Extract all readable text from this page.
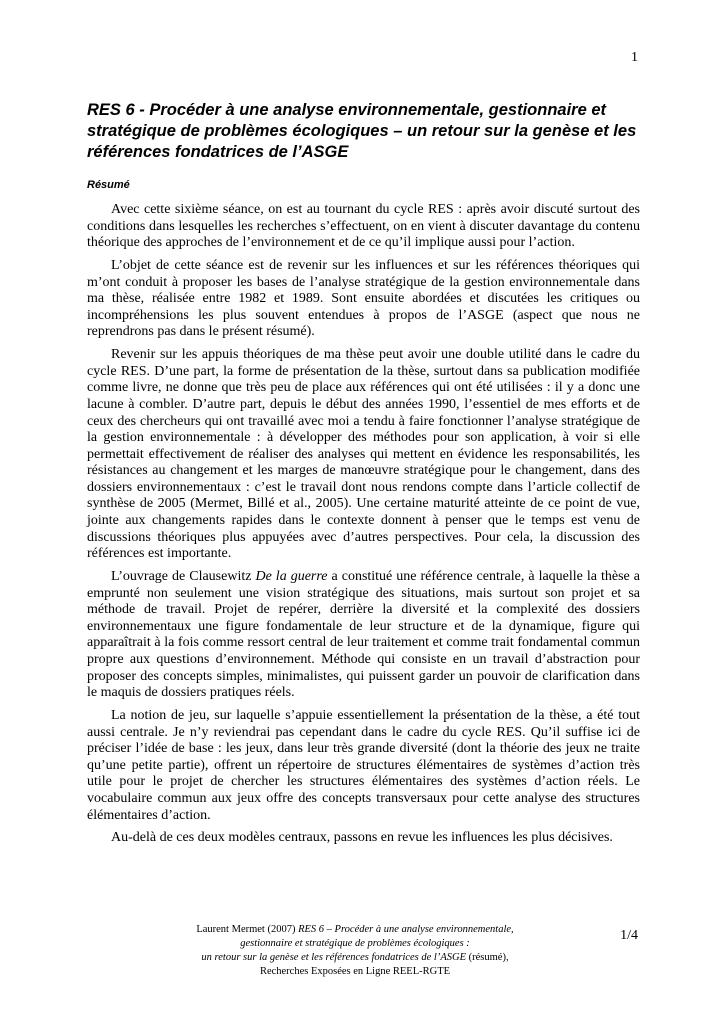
1
RES 6 - Procéder à une analyse environnementale, gestionnaire et stratégique de problèmes écologiques – un retour sur la genèse et les références fondatrices de l’ASGE
Résumé

Avec cette sixième séance, on est au tournant du cycle RES : après avoir discuté surtout des conditions dans lesquelles les recherches s’effectuent, on en vient à discuter davantage du contenu théorique des approches de l’environnement et de ce qu’il implique aussi pour l’action.

L’objet de cette séance est de revenir sur les influences et sur les références théoriques qui m’ont conduit à proposer les bases de l’analyse stratégique de la gestion environnementale dans ma thèse, réalisée entre 1982 et 1989. Sont ensuite abordées et discutées les critiques ou incompréhensions les plus souvent entendues à propos de l’ASGE (aspect que nous ne reprendrons pas dans le présent résumé).

Revenir sur les appuis théoriques de ma thèse peut avoir une double utilité dans le cadre du cycle RES. D’une part, la forme de présentation de la thèse, surtout dans sa publication modifiée comme livre, ne donne que très peu de place aux références qui ont été utilisées : il y a donc une lacune à combler. D’autre part, depuis le début des années 1990, l’essentiel de mes efforts et de ceux des chercheurs qui ont travaillé avec moi a tendu à faire fonctionner l’analyse stratégique de la gestion environnementale : à développer des méthodes pour son application, à voir si elle permettait effectivement de réaliser des analyses qui mettent en évidence les responsabilités, les résistances au changement et les marges de manœuvre stratégique pour le changement, dans des dossiers environnementaux : c’est le travail dont nous rendons compte dans l’article collectif de synthèse de 2005 (Mermet, Billé et al., 2005). Une certaine maturité atteinte de ce point de vue, jointe aux changements rapides dans le contexte donnent à penser que le temps est venu de discussions théoriques plus appuyées avec d’autres perspectives. Pour cela, la discussion des références est importante.

L’ouvrage de Clausewitz De la guerre a constitué une référence centrale, à laquelle la thèse a emprunté non seulement une vision stratégique des situations, mais surtout son projet et sa méthode de travail. Projet de repérer, derrière la diversité et la complexité des dossiers environnementaux une figure fondamentale de leur structure et de la dynamique, figure qui apparaîtrait à la fois comme ressort central de leur traitement et comme trait fondamental commun propre aux questions d’environnement. Méthode qui consiste en un travail d’abstraction pour proposer des concepts simples, minimalistes, qui puissent garder un pouvoir de clarification dans le maquis de dossiers pratiques réels.

La notion de jeu, sur laquelle s’appuie essentiellement la présentation de la thèse, a été tout aussi centrale. Je n’y reviendrai pas cependant dans le cadre du cycle RES. Qu’il suffise ici de préciser l’idée de base : les jeux, dans leur très grande diversité (dont la théorie des jeux ne traite qu’une petite partie), offrent un répertoire de structures élémentaires de systèmes d’action très utile pour le projet de chercher les structures élémentaires des systèmes d’action réels. Le vocabulaire commun aux jeux offre des concepts transversaux pour cette analyse des structures élémentaires d’action.

Au-delà de ces deux modèles centraux, passons en revue les influences les plus décisives.

Laurent Mermet (2007) RES 6 – Procéder à une analyse environnementale,
gestionnaire et stratégique de problèmes écologiques :
un retour sur la genèse et les références fondatrices de l’ASGE (résumé),
Recherches Exposées en Ligne REEL-RGTE
1/4
